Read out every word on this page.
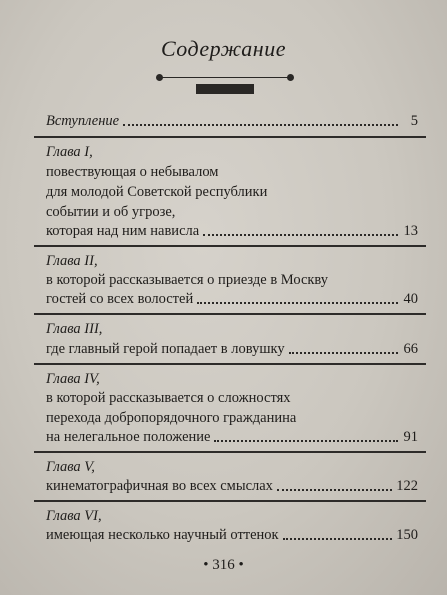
Содержание
Вступление	5
Глава I,
повествующая о небывалом
для молодой Советской республики
событии и об угрозе,
которая над ним нависла	13
Глава II,
в которой рассказывается о приезде в Москву
гостей со всех волостей	40
Глава III,
где главный герой попадает в ловушку	66
Глава IV,
в которой рассказывается о сложностях
перехода добропорядочного гражданина
на нелегальное положение	91
Глава V,
кинематографичная во всех смыслах	122
Глава VI,
имеющая несколько научный оттенок	150
• 316 •
